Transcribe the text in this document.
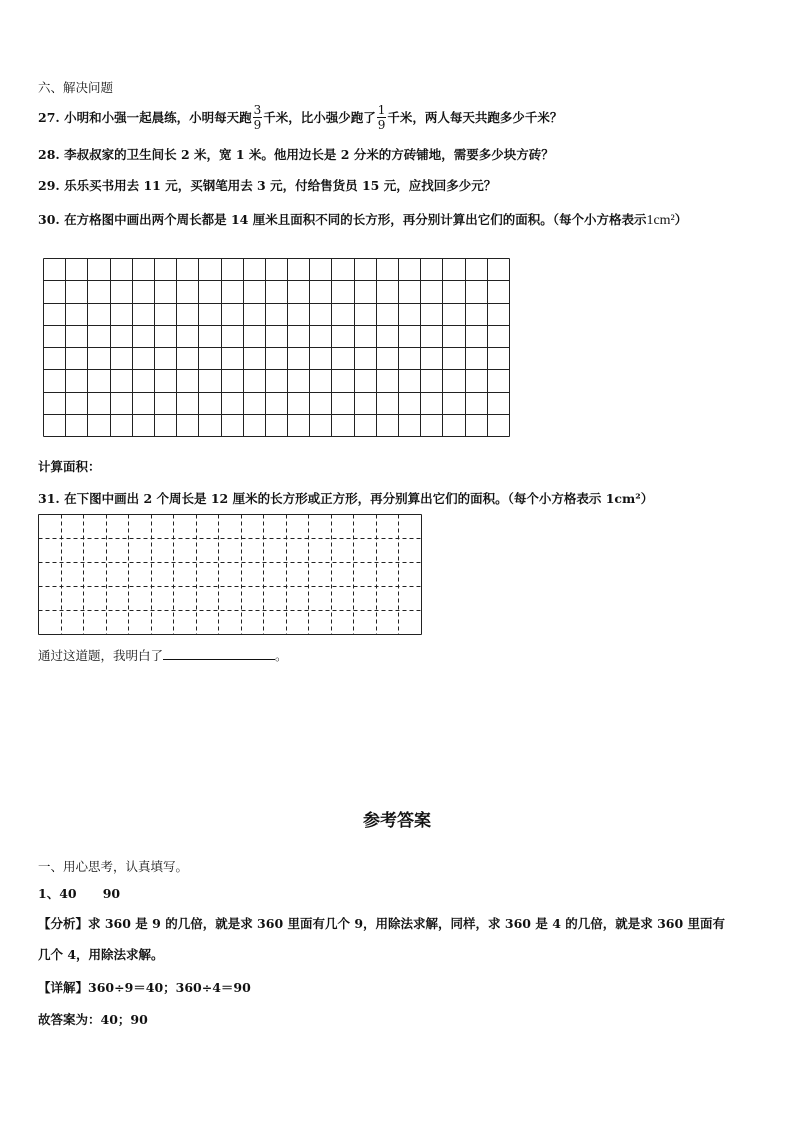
六、解决问题
27.
小明和小强一起晨练，小明每天跑 $\frac{3}{9}$ 千米，比小强少跑了 $\frac{1}{9}$ 千米，两人每天共跑多少千米？
28. 李叔叔家的卫生间长 2 米，宽 1 米。他用边长是 2 分米的方砖铺地，需要多少块方砖？
29. 乐乐买书用去 11 元，买钢笔用去 3 元，付给售货员 15 元，应找回多少元？
30. 在方格图中画出两个周长都是 14 厘米且面积不同的长方形，再分别计算出它们的面积。（每个小方格表示1cm²）
计算面积：
31. 在下图中画出 2 个周长是 12 厘米的长方形或正方形，再分别算出它们的面积。（每个小方格表示 1cm²）
通过这道题，我明白了	。
参考答案
一、用心思考，认真填写。
1、40      90
【分析】求 360 是 9 的几倍，就是求 360 里面有几个 9，用除法求解，同样，求 360 是 4 的几倍，就是求 360 里面有
几个 4，用除法求解。
【详解】360÷9＝40；360÷4＝90
故答案为：40；90
